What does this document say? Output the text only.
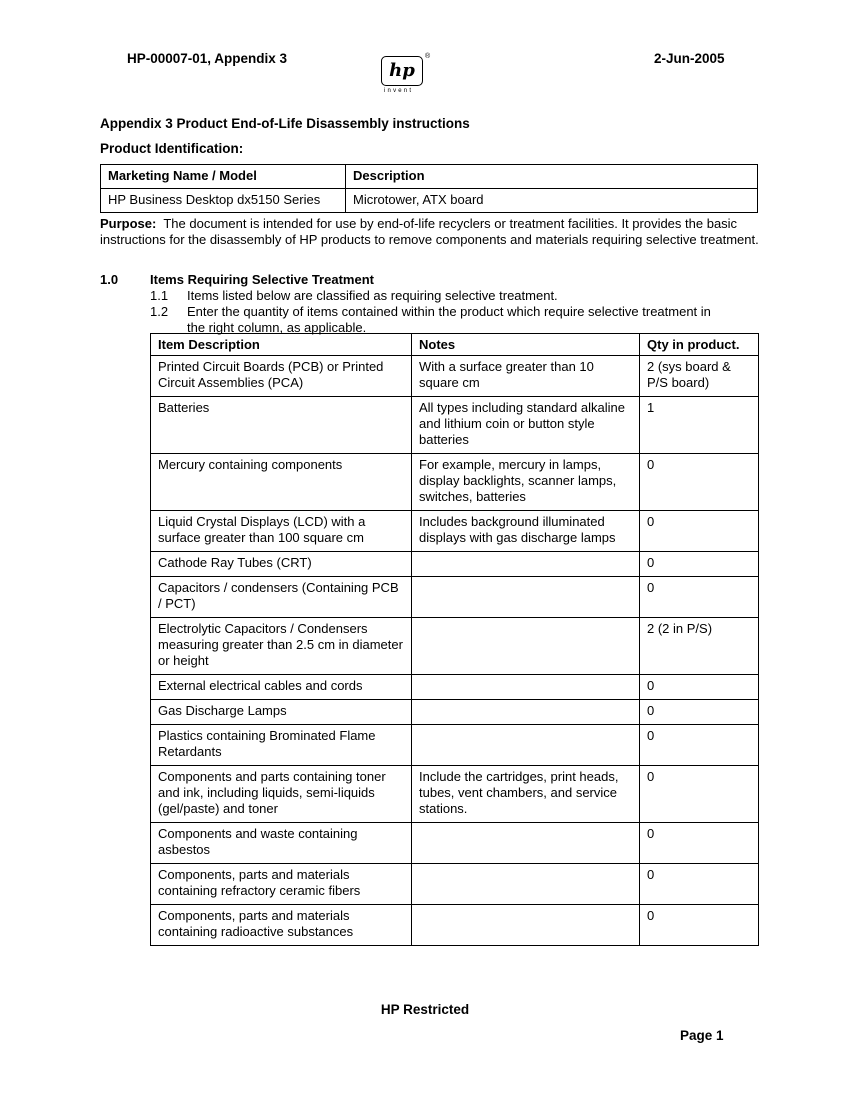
HP-00007-01, Appendix 3
hp
®
invent
2-Jun-2005
Appendix 3 Product End-of-Life Disassembly instructions
Product Identification:
Marketing Name / Model	Description
HP Business Desktop dx5150 Series	Microtower, ATX board
Purpose: The document is intended for use by end-of-life recyclers or treatment facilities. It provides the basic instructions for the disassembly of HP products to remove components and materials requiring selective treatment.
1.0 Items Requiring Selective Treatment
1.1 Items listed below are classified as requiring selective treatment.
1.2 Enter the quantity of items contained within the product which require selective treatment in
the right column, as applicable.
Item Description	Notes	Qty in product.
Printed Circuit Boards (PCB) or Printed Circuit Assemblies (PCA)	With a surface greater than 10 square cm	2 (sys board & P/S board)
Batteries	All types including standard alkaline and lithium coin or button style batteries	1
Mercury containing components	For example, mercury in lamps, display backlights, scanner lamps, switches, batteries	0
Liquid Crystal Displays (LCD) with a surface greater than 100 square cm	Includes background illuminated displays with gas discharge lamps	0
Cathode Ray Tubes (CRT)		0
Capacitors / condensers (Containing PCB / PCT)		0
Electrolytic Capacitors / Condensers measuring greater than 2.5 cm in diameter or height		2 (2 in P/S)
External electrical cables and cords		0
Gas Discharge Lamps		0
Plastics containing Brominated Flame Retardants		0
Components and parts containing toner and ink, including liquids, semi-liquids (gel/paste) and toner	Include the cartridges, print heads, tubes, vent chambers, and service stations.	0
Components and waste containing asbestos		0
Components, parts and materials containing refractory ceramic fibers		0
Components, parts and materials containing radioactive substances		0
HP Restricted
Page 1
